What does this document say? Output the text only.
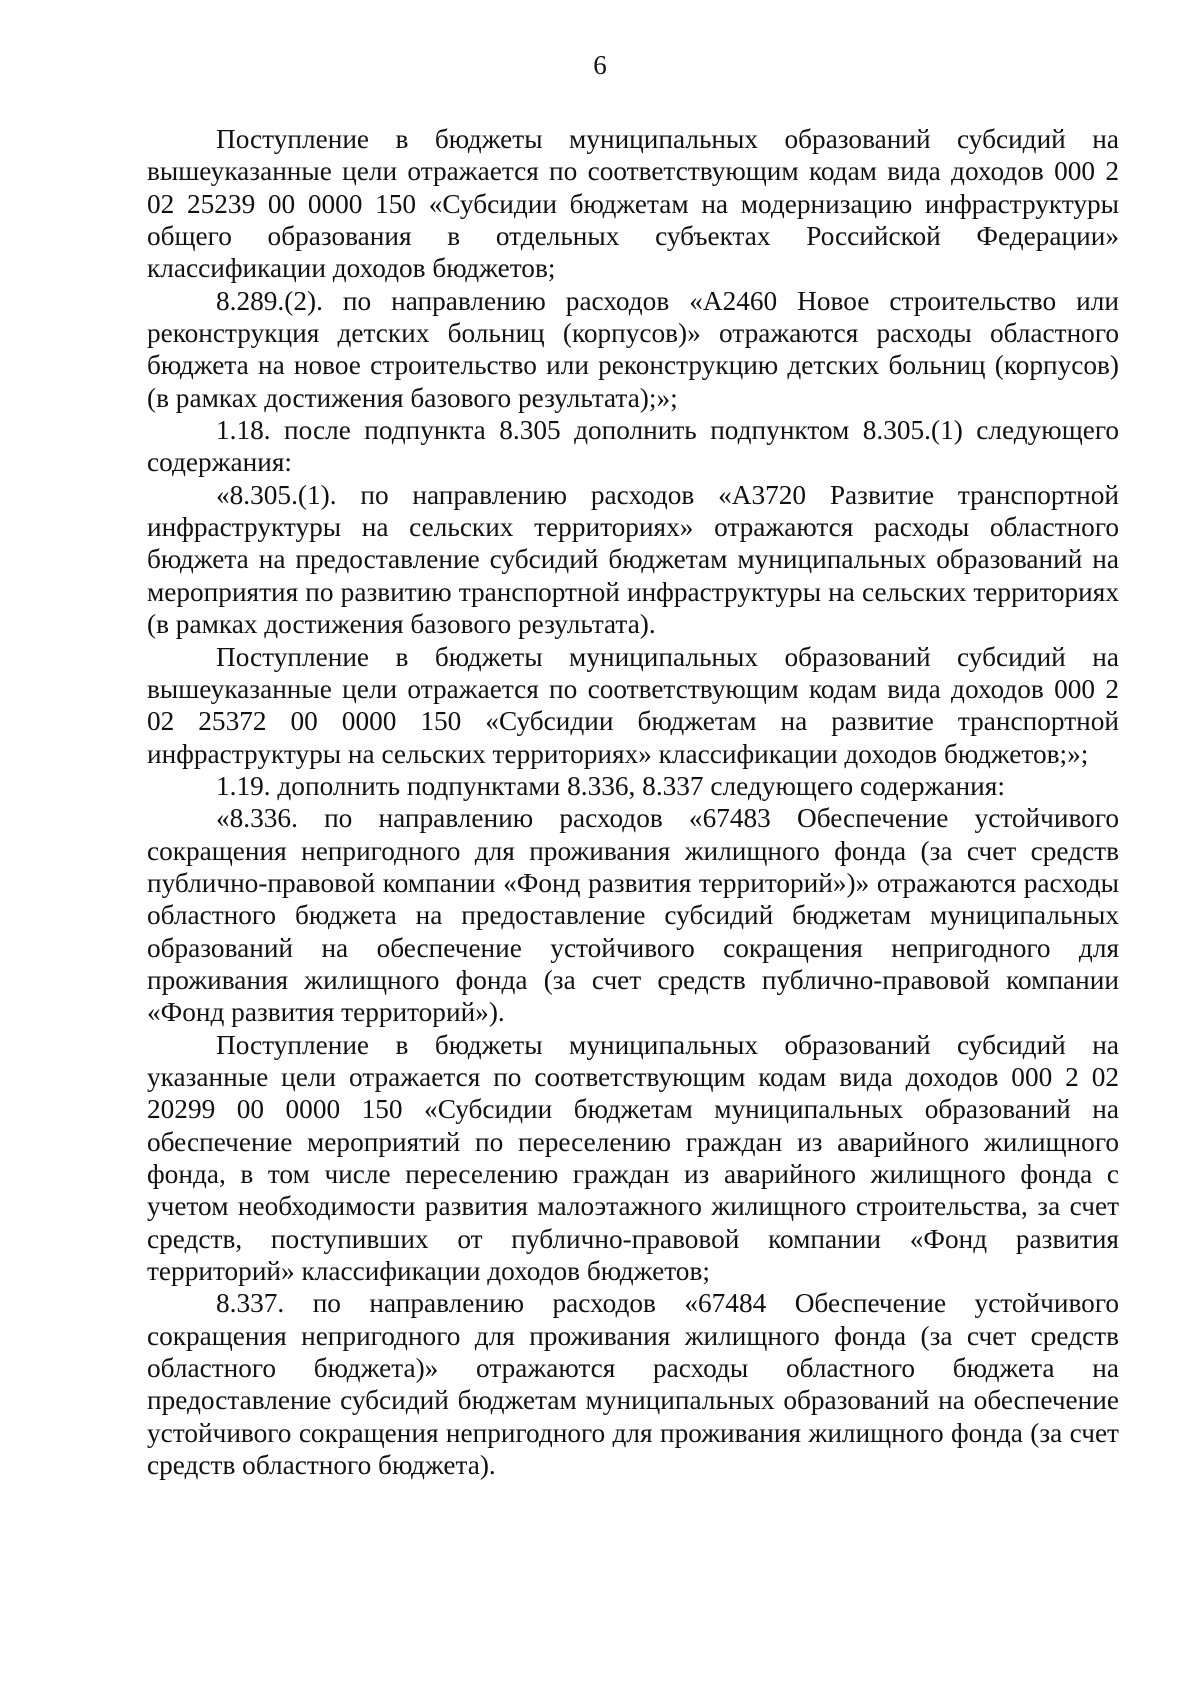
6

Поступление в бюджеты муниципальных образований субсидий на вышеуказанные цели отражается по соответствующим кодам вида доходов 000 2 02 25239 00 0000 150 «Субсидии бюджетам на модернизацию инфраструктуры общего образования в отдельных субъектах Российской Федерации» классификации доходов бюджетов;

8.289.(2). по направлению расходов «А2460 Новое строительство или реконструкция детских больниц (корпусов)» отражаются расходы областного бюджета на новое строительство или реконструкцию детских больниц (корпусов) (в рамках достижения базового результата);»;

1.18. после подпункта 8.305 дополнить подпунктом 8.305.(1) следующего содержания:

«8.305.(1). по направлению расходов «А3720 Развитие транспортной инфраструктуры на сельских территориях» отражаются расходы областного бюджета на предоставление субсидий бюджетам муниципальных образований на мероприятия по развитию транспортной инфраструктуры на сельских территориях (в рамках достижения базового результата).

Поступление в бюджеты муниципальных образований субсидий на вышеуказанные цели отражается по соответствующим кодам вида доходов 000 2 02 25372 00 0000 150 «Субсидии бюджетам на развитие транспортной инфраструктуры на сельских территориях» классификации доходов бюджетов;»;

1.19. дополнить подпунктами 8.336, 8.337 следующего содержания:

«8.336. по направлению расходов «67483 Обеспечение устойчивого сокращения непригодного для проживания жилищного фонда (за счет средств публично-правовой компании «Фонд развития территорий»)» отражаются расходы областного бюджета на предоставление субсидий бюджетам муниципальных образований на обеспечение устойчивого сокращения непригодного для проживания жилищного фонда (за счет средств публично-правовой компании «Фонд развития территорий»).

Поступление в бюджеты муниципальных образований субсидий на указанные цели отражается по соответствующим кодам вида доходов 000 2 02 20299 00 0000 150 «Субсидии бюджетам муниципальных образований на обеспечение мероприятий по переселению граждан из аварийного жилищного фонда, в том числе переселению граждан из аварийного жилищного фонда с учетом необходимости развития малоэтажного жилищного строительства, за счет средств, поступивших от публично-правовой компании «Фонд развития территорий» классификации доходов бюджетов;

8.337. по направлению расходов «67484 Обеспечение устойчивого сокращения непригодного для проживания жилищного фонда (за счет средств областного бюджета)» отражаются расходы областного бюджета на предоставление субсидий бюджетам муниципальных образований на обеспечение устойчивого сокращения непригодного для проживания жилищного фонда (за счет средств областного бюджета).
